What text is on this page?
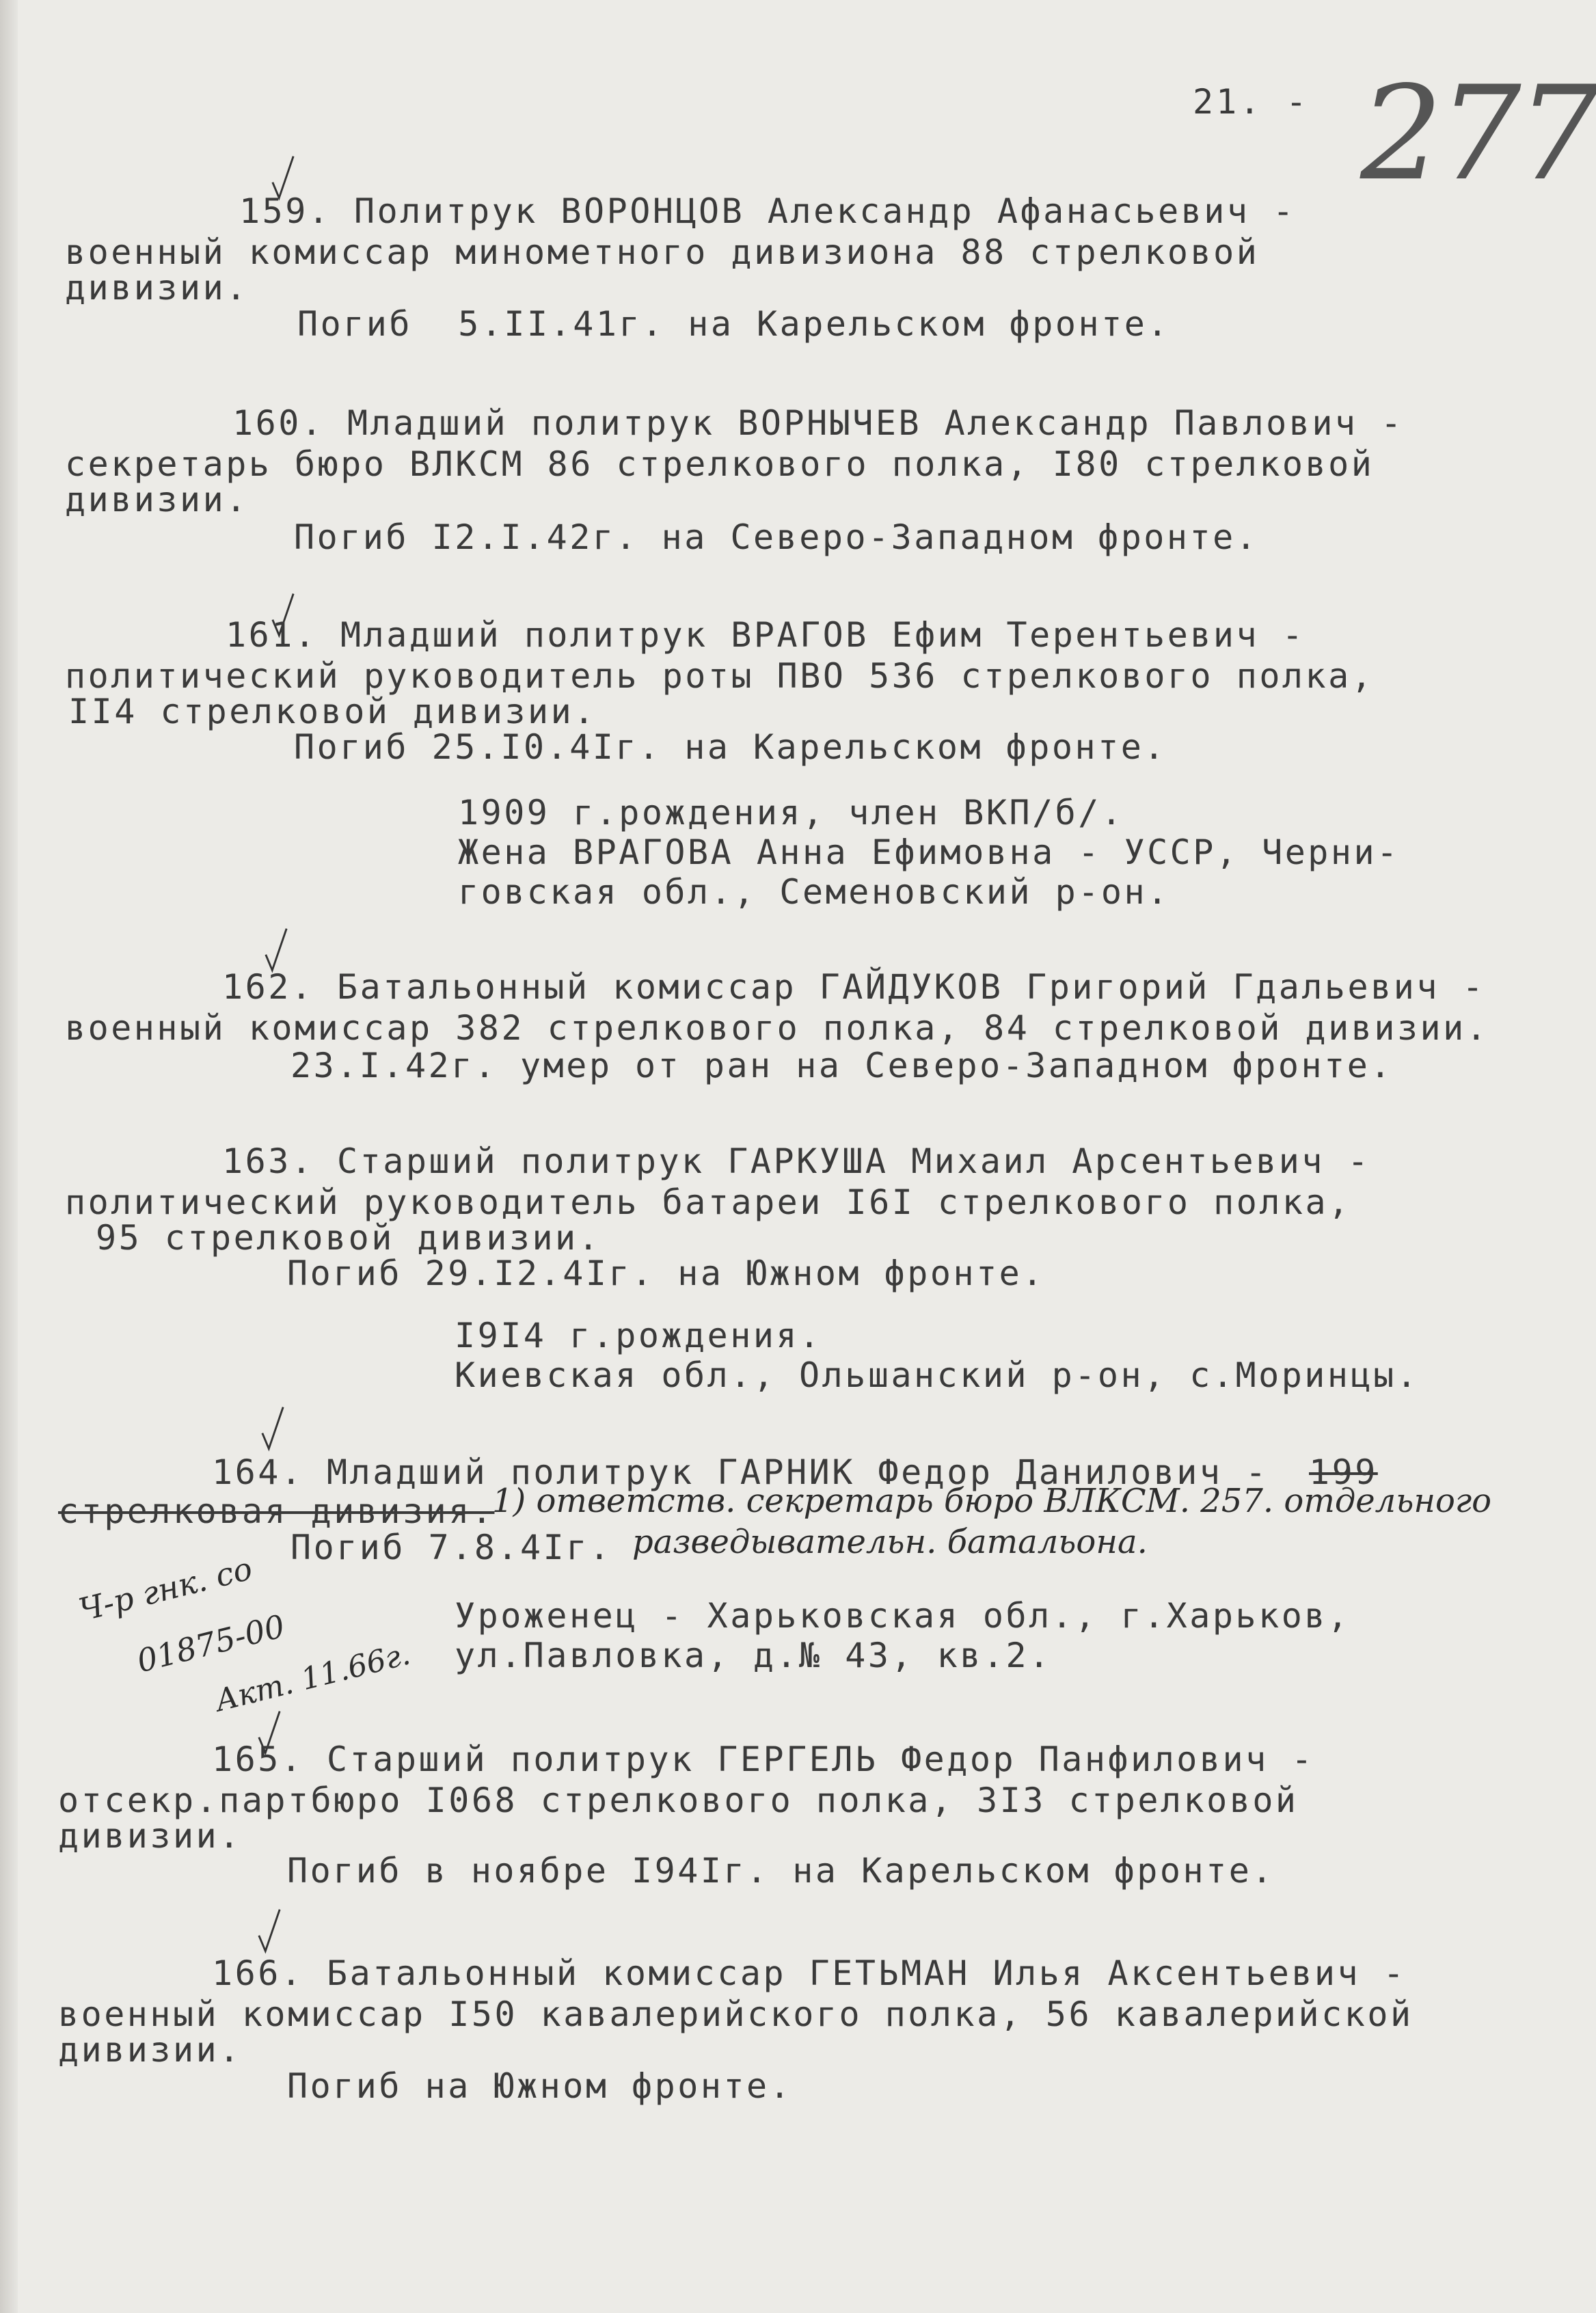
21. - 277
159. Политрук ВОРОНЦОВ Александр Афанасьевич -
военный комиссар минометного дивизиона 88 стрелковой
дивизии.
Погиб  5.II.41г. на Карельском фронте.
160. Младший политрук ВОРНЫЧЕВ Александр Павлович -
секретарь бюро ВЛКСМ 86 стрелкового полка, I80 стрелковой
дивизии.
Погиб I2.I.42г. на Северо-Западном фронте.
161. Младший политрук ВРАГОВ Ефим Терентьевич -
политический руководитель роты ПВО 536 стрелкового полка,
II4 стрелковой дивизии.
Погиб 25.I0.4Iг. на Карельском фронте.
1909 г.рождения, член ВКП/б/.
Жена ВРАГОВА Анна Ефимовна - УССР, Черни-
говская обл., Семеновский р-он.
162. Батальонный комиссар ГАЙДУКОВ Григорий Гдальевич -
военный комиссар 382 стрелкового полка, 84 стрелковой дивизии.
23.I.42г. умер от ран на Северо-Западном фронте.
163. Старший политрук ГАРКУША Михаил Арсентьевич -
политический руководитель батареи I6I стрелкового полка,
95 стрелковой дивизии.
Погиб 29.I2.4Iг. на Южном фронте.
I9I4 г.рождения.
Киевская обл., Ольшанский р-он, с.Моринцы.
164. Младший политрук ГАРНИК Федор Данилович - 199
стрелковая дивизия.
1) ответств. секретарь бюро ВЛКСМ. 257. отдельного
Погиб 7.8.4Iг. разведывательн. батальона.
Ч-р гнк. со
01875-00
Акт. 11.66г.
Уроженец - Харьковская обл., г.Харьков,
ул.Павловка, д.№ 43, кв.2.
165. Старший политрук ГЕРГЕЛЬ Федор Панфилович -
отсекр.партбюро I068 стрелкового полка, 3I3 стрелковой
дивизии.
Погиб в ноябре I94Iг. на Карельском фронте.
166. Батальонный комиссар ГЕТЬМАН Илья Аксентьевич -
военный комиссар I50 кавалерийского полка, 56 кавалерийской
дивизии.
Погиб на Южном фронте.
